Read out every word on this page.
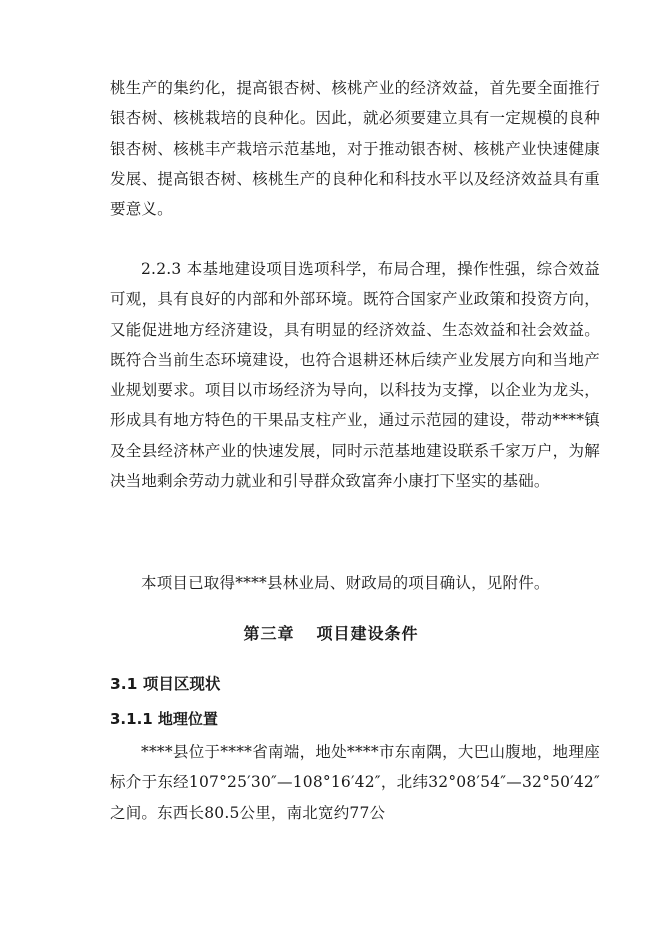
桃生产的集约化，提高银杏树、核桃产业的经济效益，首先要全面推行银杏树、核桃栽培的良种化。因此，就必须要建立具有一定规模的良种银杏树、核桃丰产栽培示范基地，对于推动银杏树、核桃产业快速健康发展、提高银杏树、核桃生产的良种化和科技水平以及经济效益具有重要意义。

2.2.3 本基地建设项目选项科学，布局合理，操作性强，综合效益可观，具有良好的内部和外部环境。既符合国家产业政策和投资方向，又能促进地方经济建设，具有明显的经济效益、生态效益和社会效益。既符合当前生态环境建设，也符合退耕还林后续产业发展方向和当地产业规划要求。项目以市场经济为导向，以科技为支撑，以企业为龙头，形成具有地方特色的干果品支柱产业，通过示范园的建设，带动****镇及全县经济林产业的快速发展，同时示范基地建设联系千家万户，为解决当地剩余劳动力就业和引导群众致富奔小康打下坚实的基础。

本项目已取得****县林业局、财政局的项目确认，见附件。

第三章 项目建设条件
3.1 项目区现状
3.1.1 地理位置

****县位于****省南端，地处****市东南隅，大巴山腹地，地理座标介于东经107°25′30″—108°16′42″，北纬32°08′54″—32°50′42″之间。东西长80.5公里，南北宽约77公
